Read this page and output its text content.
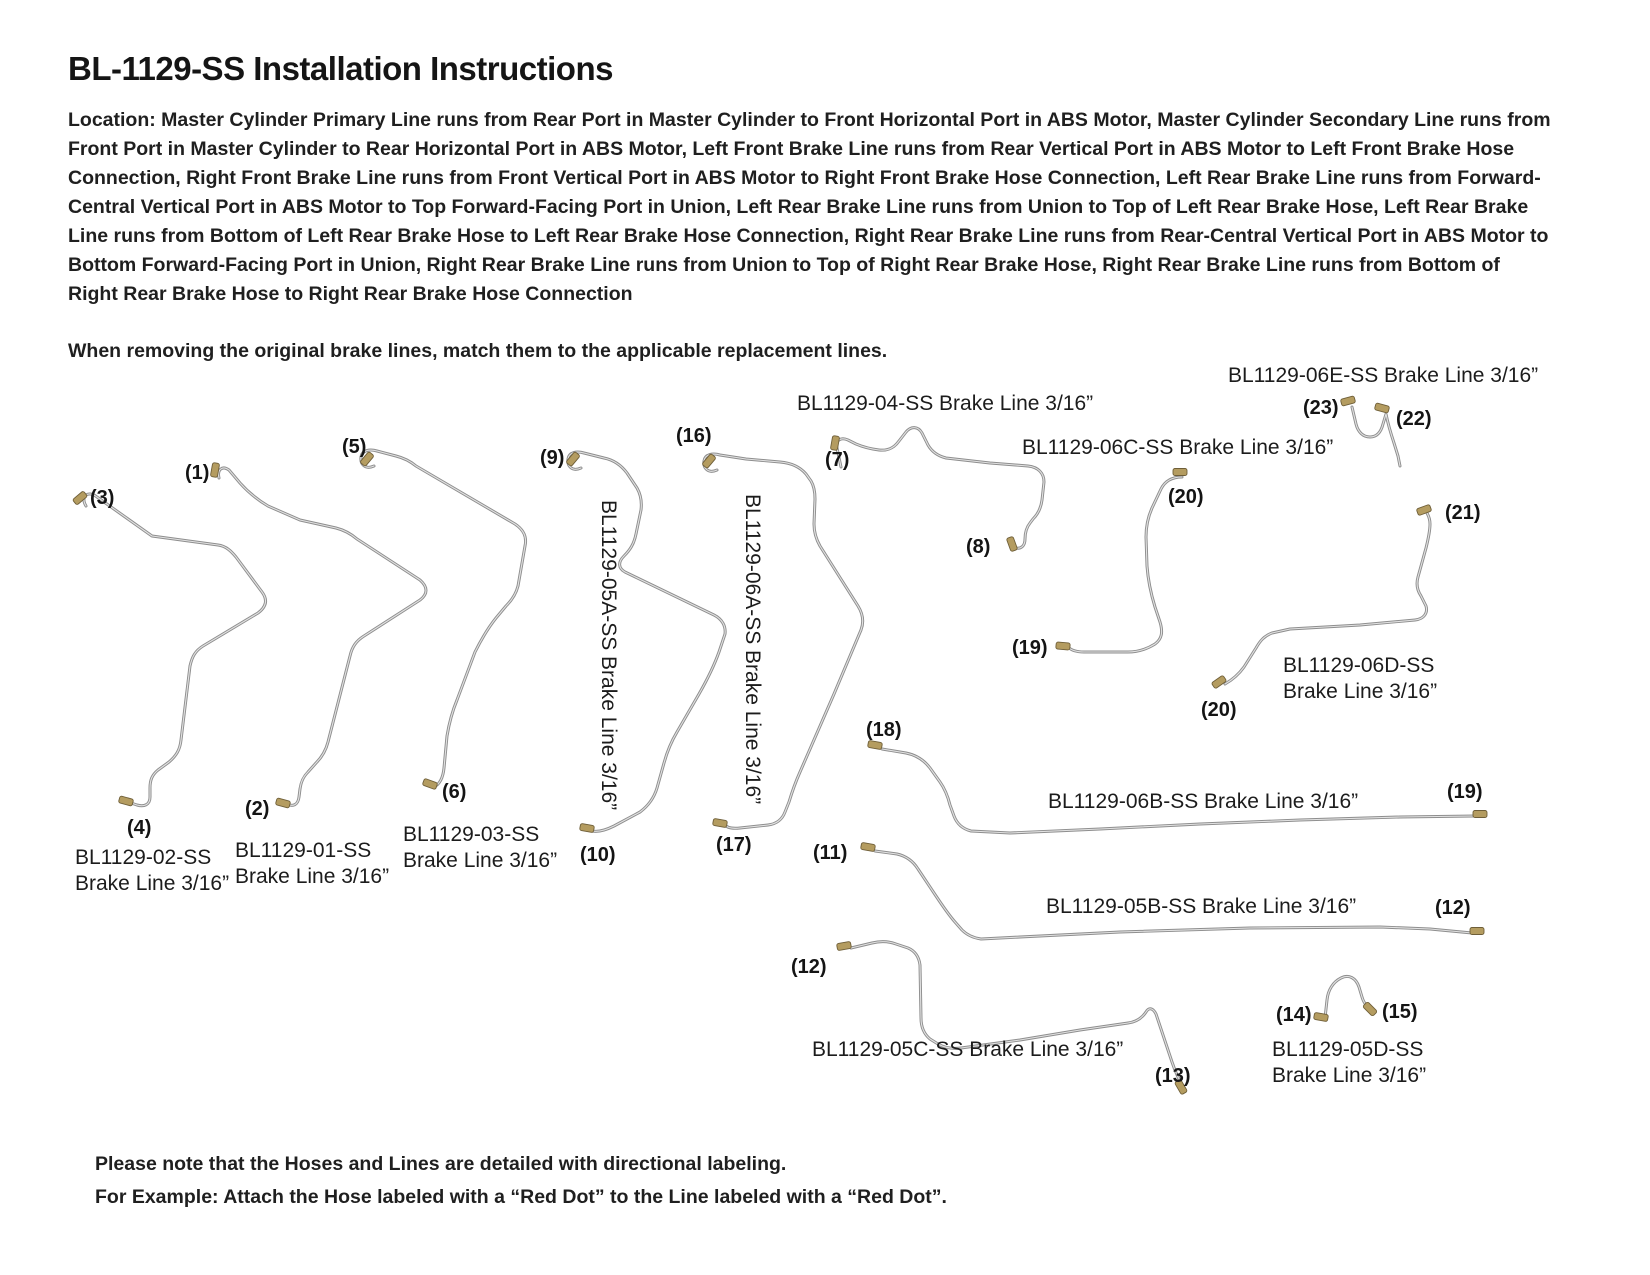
BL-1129-SS Installation Instructions
Location: Master Cylinder Primary Line runs from Rear Port in Master Cylinder to Front Horizontal Port in ABS Motor, Master Cylinder Secondary Line runs from Front Port in Master Cylinder to Rear Horizontal Port in ABS Motor, Left Front Brake Line runs from Rear Vertical Port in ABS Motor to Left Front Brake Hose Connection, Right Front Brake Line runs from Front Vertical Port in ABS Motor to Right Front Brake Hose Connection, Left Rear Brake Line runs from Forward-Central Vertical Port in ABS Motor to Top Forward-Facing Port in Union, Left Rear Brake Line runs from Union to Top of Left Rear Brake Hose, Left Rear Brake Line runs from Bottom of Left Rear Brake Hose to Left Rear Brake Hose Connection, Right Rear Brake Line runs from Rear-Central Vertical Port in ABS Motor to Bottom Forward-Facing Port in Union, Right Rear Brake Line runs from Union to Top of Right Rear Brake Hose, Right Rear Brake Line runs from Bottom of Right Rear Brake Hose to Right Rear Brake Hose Connection
When removing the original brake lines, match them to the applicable replacement lines.
BL1129-02-SS
Brake Line 3/16”
BL1129-01-SS
Brake Line 3/16”
BL1129-03-SS
Brake Line 3/16”
BL1129-05A-SS Brake Line 3/16”	BL1129-06A-SS Brake Line 3/16”
BL1129-04-SS Brake Line 3/16”
BL1129-06E-SS Brake Line 3/16”
BL1129-06C-SS Brake Line 3/16”
BL1129-06D-SS
Brake Line 3/16”
BL1129-06B-SS Brake Line 3/16”
BL1129-05B-SS Brake Line 3/16”
BL1129-05C-SS Brake Line 3/16”	BL1129-05D-SS
Brake Line 3/16”
(1)
(2)
(3)
(4)
(5)
(6)
(7)
(8)
(9)
(10)	(11)
(12)
(12)
(13)
(14)	(15)
(16)
(17)
(18)
(19)
(19)
(20)
(20)
(21)
(22)
(23)
Please note that the Hoses and Lines are detailed with directional labeling.
For Example: Attach the Hose labeled with a “Red Dot” to the Line labeled with a “Red Dot”.
